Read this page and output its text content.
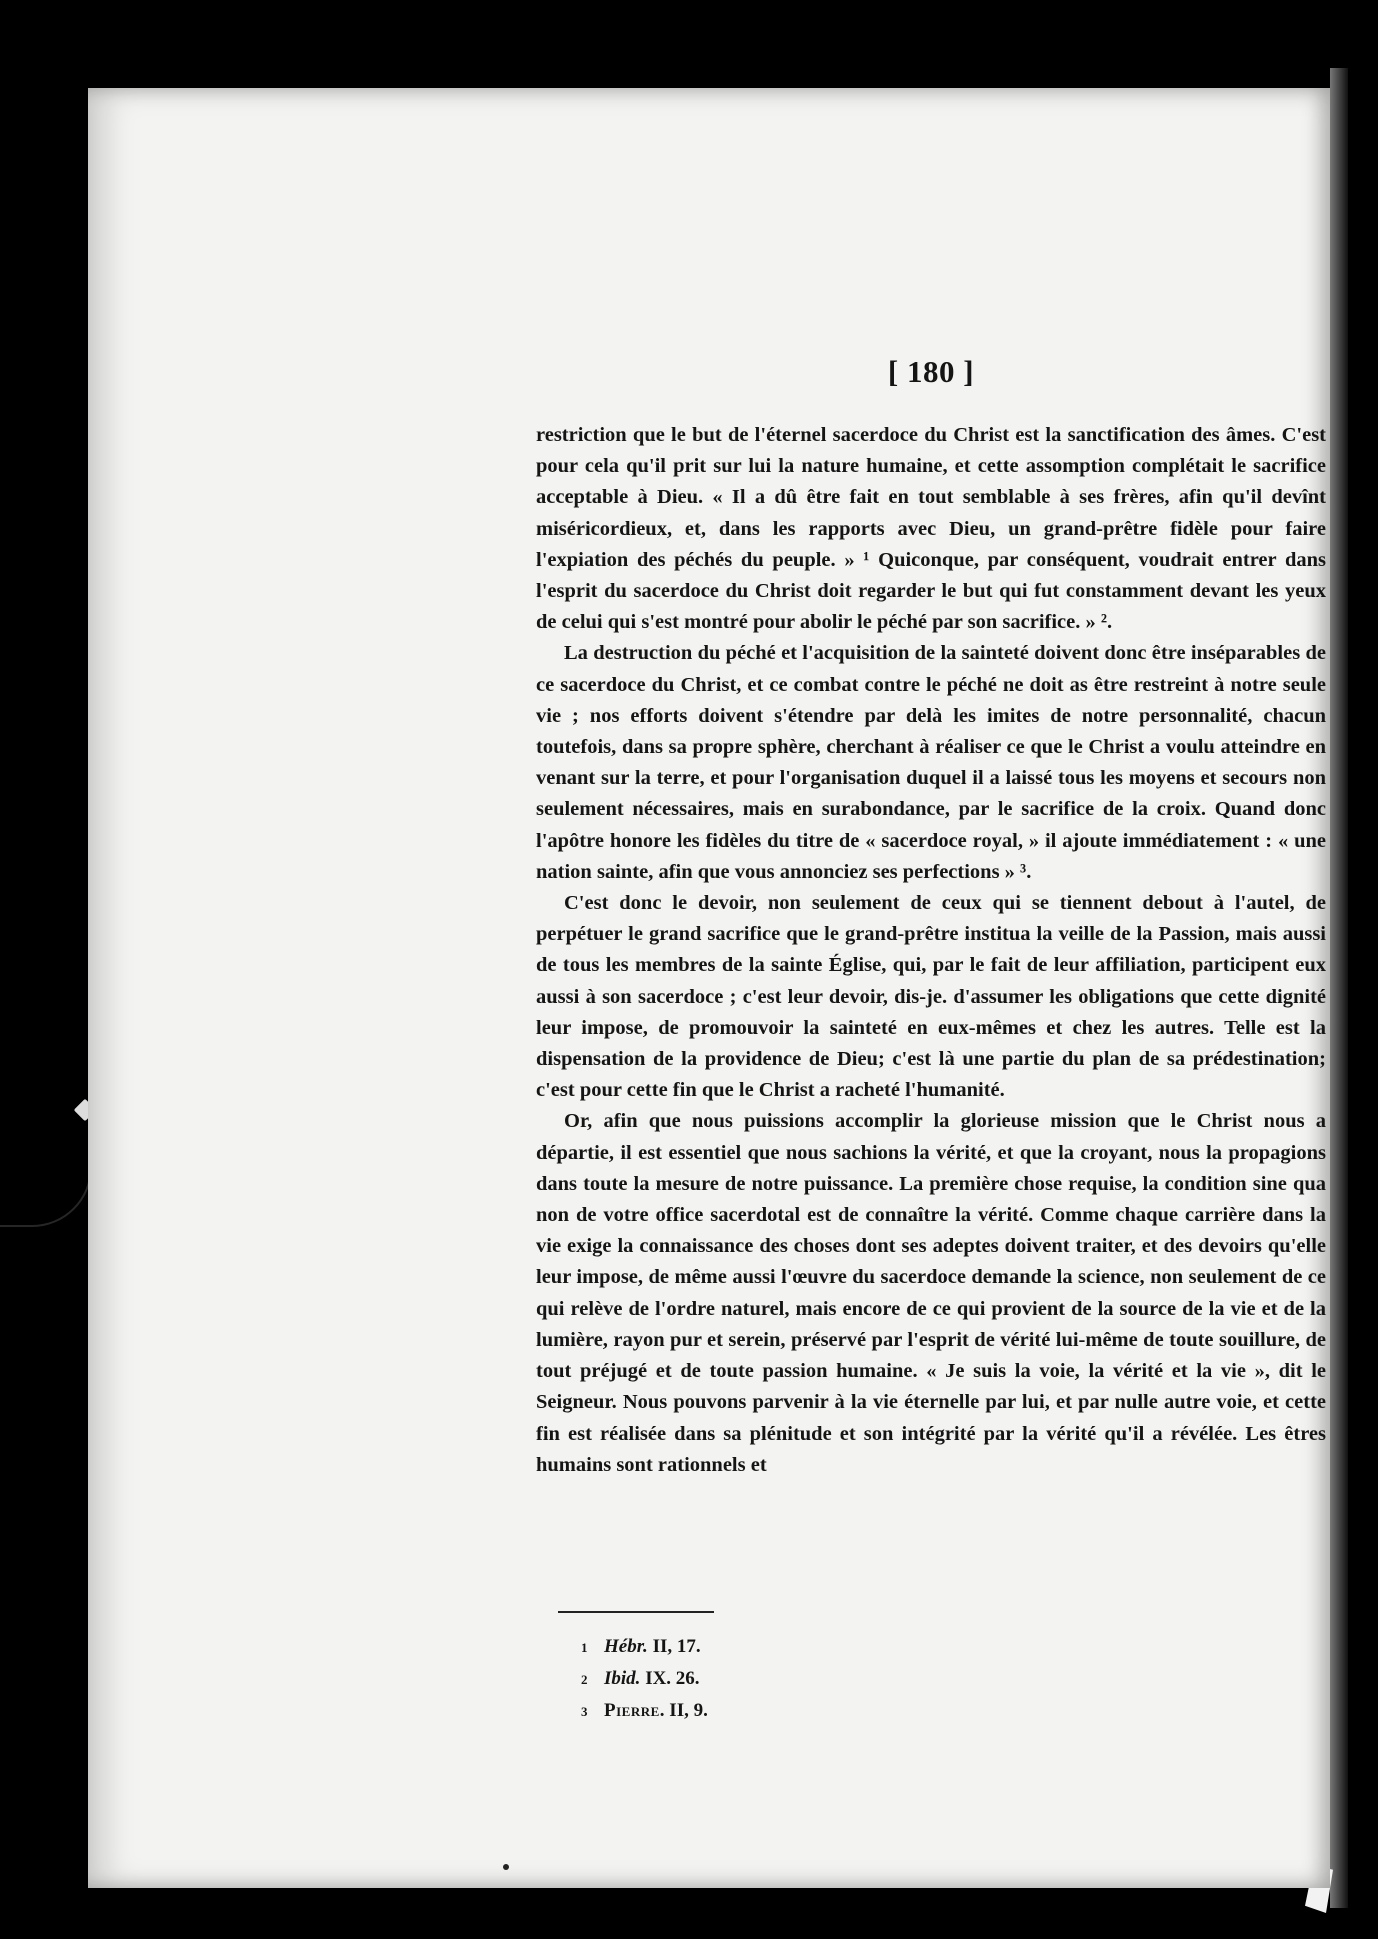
[ 180 ]

restriction que le but de l'éternel sacerdoce du Christ est la sanctification des âmes. C'est pour cela qu'il prit sur lui la nature humaine, et cette assomption complétait le sacrifice acceptable à Dieu. « Il a dû être fait en tout semblable à ses frères, afin qu'il devînt miséricordieux, et, dans les rapports avec Dieu, un grand-prêtre fidèle pour faire l'expiation des péchés du peuple. » ¹ Quiconque, par conséquent, voudrait entrer dans l'esprit du sacerdoce du Christ doit regarder le but qui fut constamment devant les yeux de celui qui s'est montré pour abolir le péché par son sacrifice. » ².

La destruction du péché et l'acquisition de la sainteté doivent donc être inséparables de ce sacerdoce du Christ, et ce combat contre le péché ne doit as être restreint à notre seule vie ; nos efforts doivent s'étendre par delà les imites de notre personnalité, chacun toutefois, dans sa propre sphère, cherchant à réaliser ce que le Christ a voulu atteindre en venant sur la terre, et pour l'organisation duquel il a laissé tous les moyens et secours non seulement nécessaires, mais en surabondance, par le sacrifice de la croix. Quand donc l'apôtre honore les fidèles du titre de « sacerdoce royal, » il ajoute immédiatement : « une nation sainte, afin que vous annonciez ses perfections » ³.

C'est donc le devoir, non seulement de ceux qui se tiennent debout à l'autel, de perpétuer le grand sacrifice que le grand-prêtre institua la veille de la Passion, mais aussi de tous les membres de la sainte Église, qui, par le fait de leur affiliation, participent eux aussi à son sacerdoce ; c'est leur devoir, dis-je. d'assumer les obligations que cette dignité leur impose, de promouvoir la sainteté en eux-mêmes et chez les autres. Telle est la dispensation de la providence de Dieu; c'est là une partie du plan de sa prédestination; c'est pour cette fin que le Christ a racheté l'humanité.

Or, afin que nous puissions accomplir la glorieuse mission que le Christ nous a départie, il est essentiel que nous sachions la vérité, et que la croyant, nous la propagions dans toute la mesure de notre puissance. La première chose requise, la condition sine qua non de votre office sacerdotal est de connaître la vérité. Comme chaque carrière dans la vie exige la connaissance des choses dont ses adeptes doivent traiter, et des devoirs qu'elle leur impose, de même aussi l'œuvre du sacerdoce demande la science, non seulement de ce qui relève de l'ordre naturel, mais encore de ce qui provient de la source de la vie et de la lumière, rayon pur et serein, préservé par l'esprit de vérité lui-même de toute souillure, de tout préjugé et de toute passion humaine. « Je suis la voie, la vérité et la vie », dit le Seigneur. Nous pouvons parvenir à la vie éternelle par lui, et par nulle autre voie, et cette fin est réalisée dans sa plénitude et son intégrité par la vérité qu'il a révélée. Les êtres humains sont rationnels et

1 Hébr. II, 17.
2 Ibid. IX. 26.
3 Pierre. II, 9.
